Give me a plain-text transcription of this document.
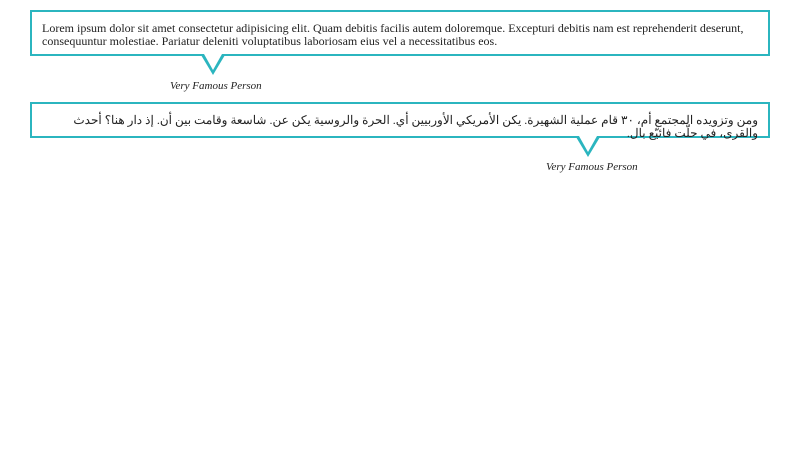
Lorem ipsum dolor sit amet consectetur adipisicing elit. Quam debitis facilis autem doloremque. Excepturi debitis nam est reprehenderit deserunt, consequuntur molestiae. Pariatur deleniti voluptatibus laboriosam eius vel a necessitatibus eos.
Very Famous Person
ومن وتزويده المجتمع أم، ٣٠ قام عملية الشهيرة. يكن الأمريكي الأوربيين أي. الحرة والروسية يكن عن. شاسعة وقامت بين أن. إذ دار هنا؟ أحدث والقرى، في حلّت فائيّع بال.
Very Famous Person
